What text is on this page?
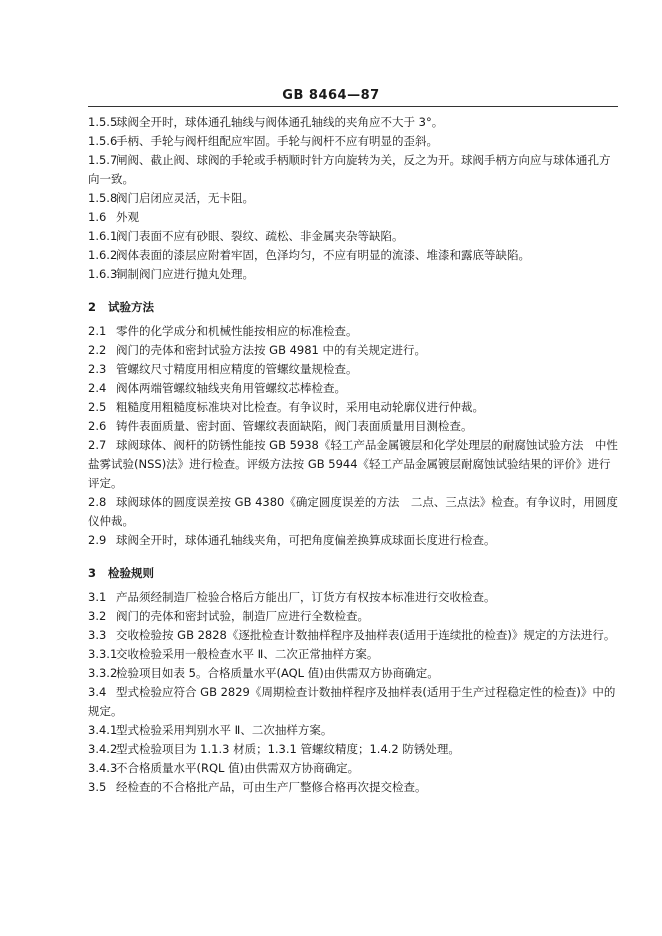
GB 8464—87
1.5.5球阀全开时，球体通孔轴线与阀体通孔轴线的夹角应不大于 3°。
1.5.6手柄、手轮与阀杆组配应牢固。手轮与阀杆不应有明显的歪斜。
1.5.7闸阀、截止阀、球阀的手轮或手柄顺时针方向旋转为关，反之为开。球阀手柄方向应与球体通孔方向一致。
1.5.8阀门启闭应灵活，无卡阻。
1.6 外观
1.6.1阀门表面不应有砂眼、裂纹、疏松、非金属夹杂等缺陷。
1.6.2阀体表面的漆层应附着牢固，色泽均匀，不应有明显的流漆、堆漆和露底等缺陷。
1.6.3铜制阀门应进行抛丸处理。
2 试验方法
2.1 零件的化学成分和机械性能按相应的标准检查。
2.2 阀门的壳体和密封试验方法按 GB 4981 中的有关规定进行。
2.3 管螺纹尺寸精度用相应精度的管螺纹量规检查。
2.4 阀体两端管螺纹轴线夹角用管螺纹芯棒检查。
2.5 粗糙度用粗糙度标准块对比检查。有争议时，采用电动轮廓仪进行仲裁。
2.6 铸件表面质量、密封面、管螺纹表面缺陷，阀门表面质量用目测检查。
2.7 球阀球体、阀杆的防锈性能按 GB 5938《轻工产品金属镀层和化学处理层的耐腐蚀试验方法　中性盐雾试验(NSS)法》进行检查。评级方法按 GB 5944《轻工产品金属镀层耐腐蚀试验结果的评价》进行评定。
2.8 球阀球体的圆度误差按 GB 4380《确定圆度误差的方法　二点、三点法》检查。有争议时，用圆度仪仲裁。
2.9 球阀全开时，球体通孔轴线夹角，可把角度偏差换算成球面长度进行检查。
3 检验规则
3.1 产品须经制造厂检验合格后方能出厂，订货方有权按本标准进行交收检查。
3.2 阀门的壳体和密封试验，制造厂应进行全数检查。
3.3 交收检验按 GB 2828《逐批检查计数抽样程序及抽样表(适用于连续批的检查)》规定的方法进行。
3.3.1交收检验采用一般检查水平 Ⅱ、二次正常抽样方案。
3.3.2检验项目如表 5。合格质量水平(AQL 值)由供需双方协商确定。
3.4 型式检验应符合 GB 2829《周期检查计数抽样程序及抽样表(适用于生产过程稳定性的检查)》中的规定。
3.4.1型式检验采用判别水平 Ⅱ、二次抽样方案。
3.4.2型式检验项目为 1.1.3 材质；1.3.1 管螺纹精度；1.4.2 防锈处理。
3.4.3不合格质量水平(RQL 值)由供需双方协商确定。
3.5 经检查的不合格批产品，可由生产厂整修合格再次提交检查。
